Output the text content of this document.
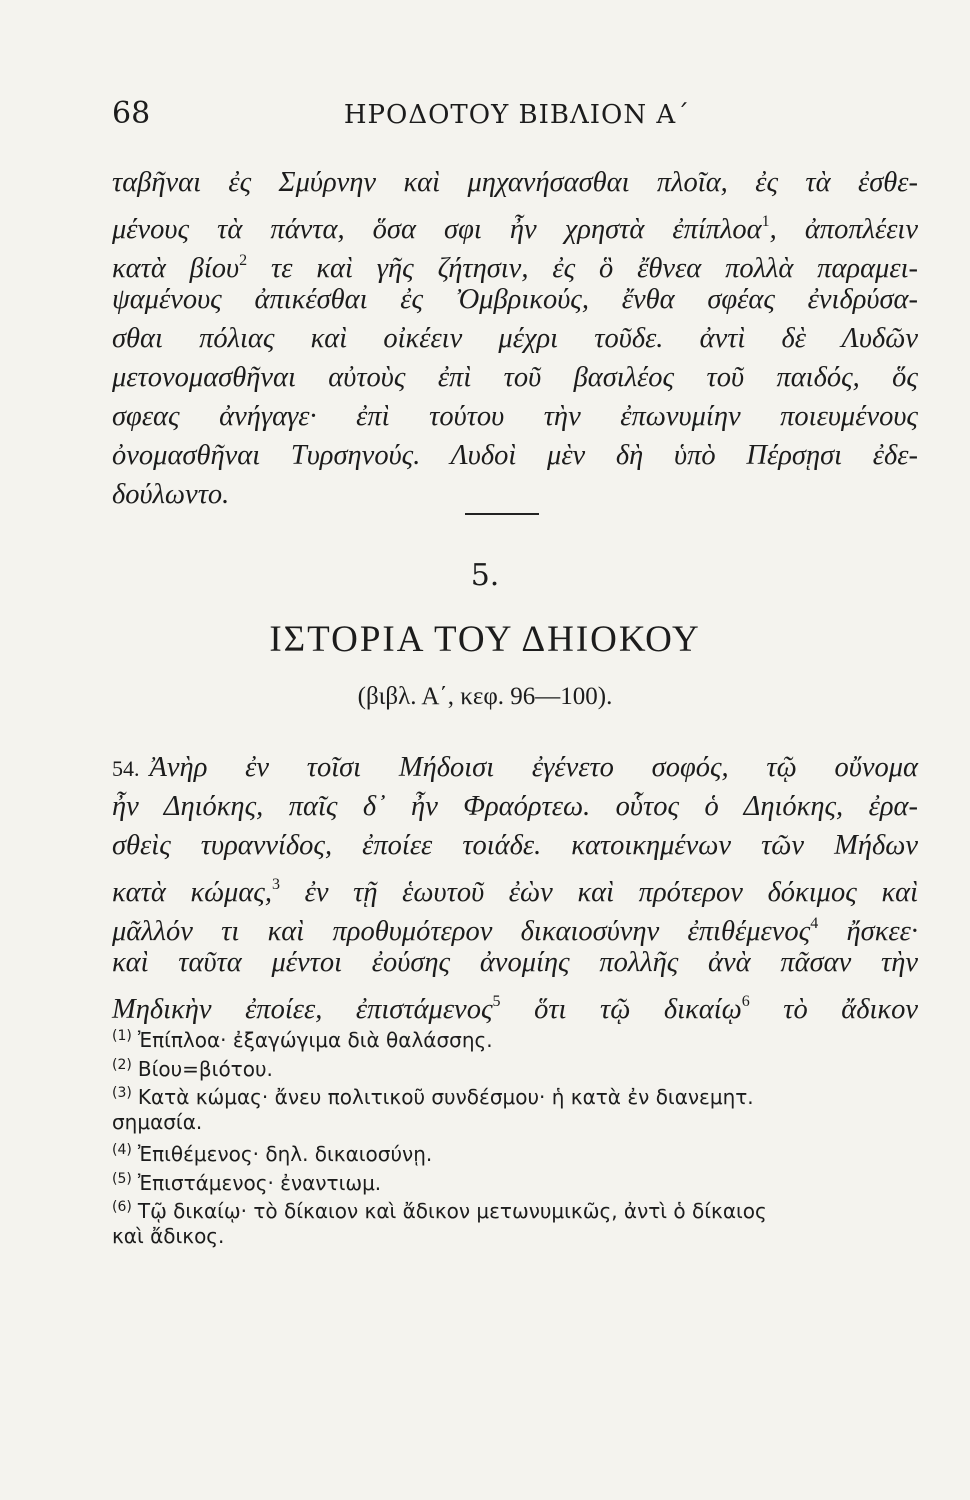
68	ΗΡΟΔΟΤΟΥ ΒΙΒΛΙΟΝ Α΄
ταβῆναι ἐς Σμύρνην καὶ μηχανήσασθαι πλοῖα, ἐς τὰ ἐσθε-
μένους τὰ πάντα, ὅσα σφι ἦν χρηστὰ ἐπίπλοα$^1$, ἀποπλέειν
κατὰ βίου$^2$ τε καὶ γῆς ζήτησιν, ἐς ὃ ἔθνεα πολλὰ παραμει-
ψαμένους ἀπικέσθαι ἐς Ὀμβρικούς, ἔνθα σφέας ἐνιδρύσα-
σθαι πόλιας καὶ οἰκέειν μέχρι τοῦδε. ἀντὶ δὲ Λυδῶν
μετονομασθῆναι αὐτοὺς ἐπὶ τοῦ βασιλέος τοῦ παιδός, ὅς
σφεας ἀνήγαγε· ἐπὶ τούτου τὴν ἐπωνυμίην ποιευμένους
ὀνομασθῆναι Τυρσηνούς. Λυδοὶ μὲν δὴ ὑπὸ Πέρσῃσι ἐδε-
δούλωντο.
5.
ΙΣΤΟΡΙΑ ΤΟΥ ΔΗΙΟΚΟΥ
(βιβλ. Α΄, κεφ. 96—100).
54. Ἀνὴρ ἐν τοῖσι Μήδοισι ἐγένετο σοφός, τῷ οὔνομα
ἦν Δηιόκης, παῖς δ᾽ ἦν Φραόρτεω. οὗτος ὁ Δηιόκης, ἐρα-
σθεὶς τυραννίδος, ἐποίεε τοιάδε. κατοικημένων τῶν Μήδων
κατὰ κώμας,$^3$ ἐν τῇ ἑωυτοῦ ἐὼν καὶ πρότερον δόκιμος καὶ
μᾶλλόν τι καὶ προθυμότερον δικαιοσύνην ἐπιθέμενος$^4$ ἤσκεε·
καὶ ταῦτα μέντοι ἐούσης ἀνομίης πολλῆς ἀνὰ πᾶσαν τὴν
Μηδικὴν ἐποίεε, ἐπιστάμενος$^5$ ὅτι τῷ δικαίῳ$^6$ τὸ ἄδικον
( $^1$ ) Ἐπίπλοα· ἐξαγώγιμα διὰ θαλάσσης.
( $^2$ ) Βίου=βιότου.
( $^3$ ) Κατὰ κώμας· ἄνευ πολιτικοῦ συνδέσμου· ἡ κατὰ ἐν διανεμητ.
σημασία.
( $^4$ ) Ἐπιθέμενος· δηλ. δικαιοσύνῃ.
( $^5$ ) Ἐπιστάμενος· ἐναντιωμ.
( $^6$ ) Τῷ δικαίῳ· τὸ δίκαιον καὶ ἄδικον μετωνυμικῶς, ἀντὶ ὁ δίκαιος
καὶ ἄδικος.
